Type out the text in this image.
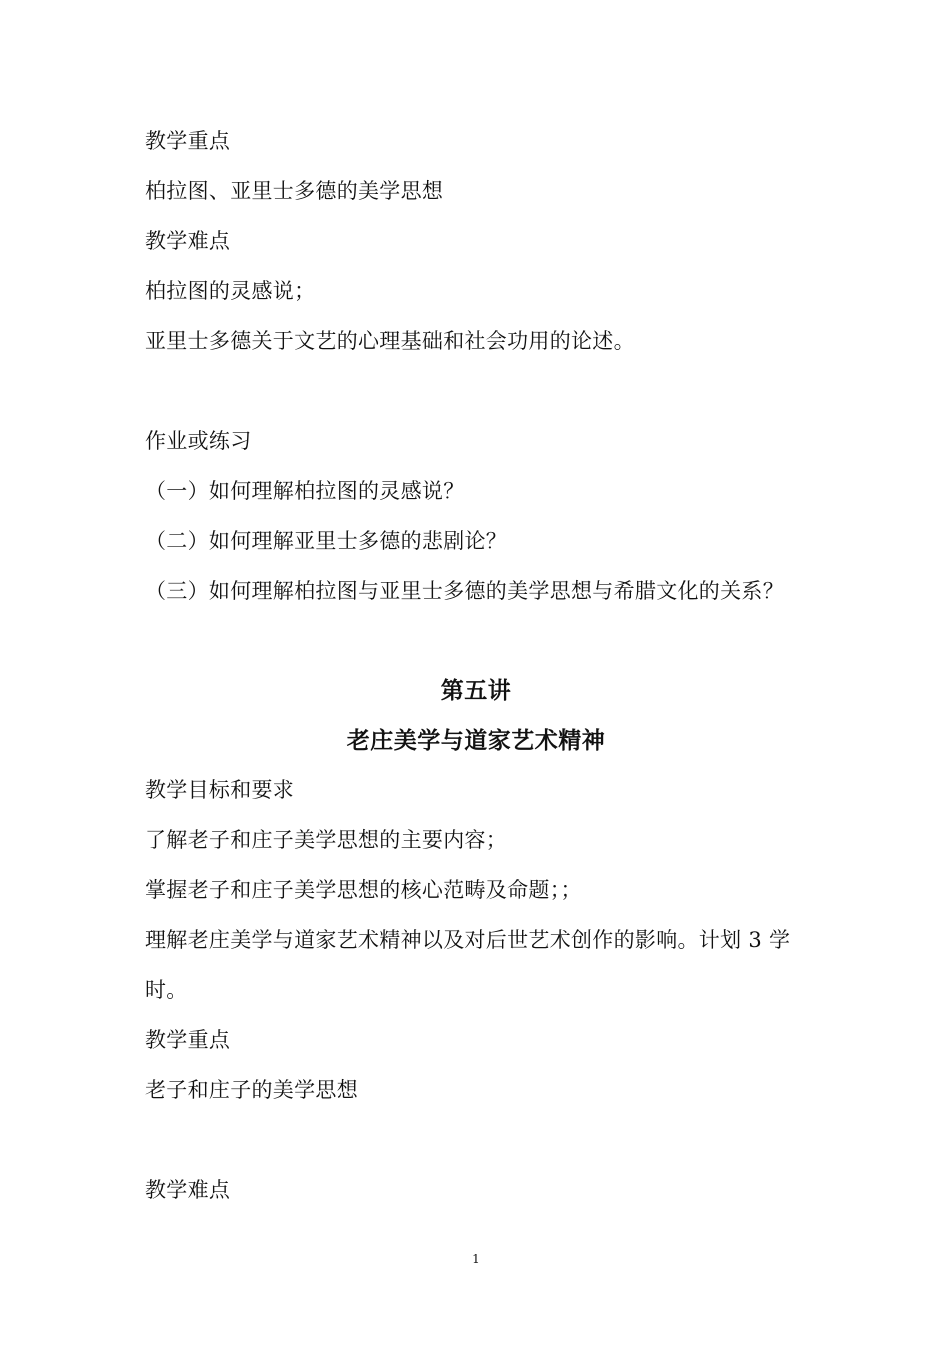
教学重点
柏拉图、亚里士多德的美学思想
教学难点
柏拉图的灵感说；
亚里士多德关于文艺的心理基础和社会功用的论述。
作业或练习
（一）如何理解柏拉图的灵感说？
（二）如何理解亚里士多德的悲剧论？
（三）如何理解柏拉图与亚里士多德的美学思想与希腊文化的关系？
第五讲
老庄美学与道家艺术精神
教学目标和要求
了解老子和庄子美学思想的主要内容；
掌握老子和庄子美学思想的核心范畴及命题；；
理解老庄美学与道家艺术精神以及对后世艺术创作的影响。计划 3 学
时。
教学重点
老子和庄子的美学思想
教学难点
1
